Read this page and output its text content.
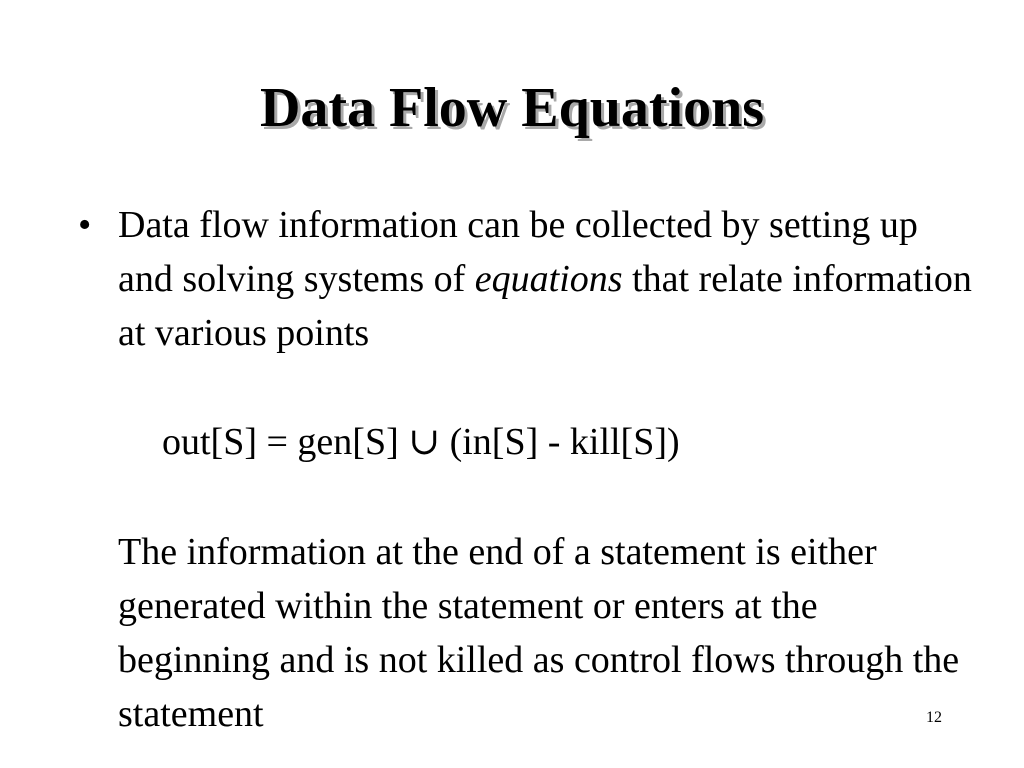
Data Flow Equations
• Data flow information can be collected by setting up and solving systems of equations that relate information at various points

out[S] = gen[S] ∪ (in[S] - kill[S])

The information at the end of a statement is either generated within the statement or enters at the beginning and is not killed as control flows through the statement	12
